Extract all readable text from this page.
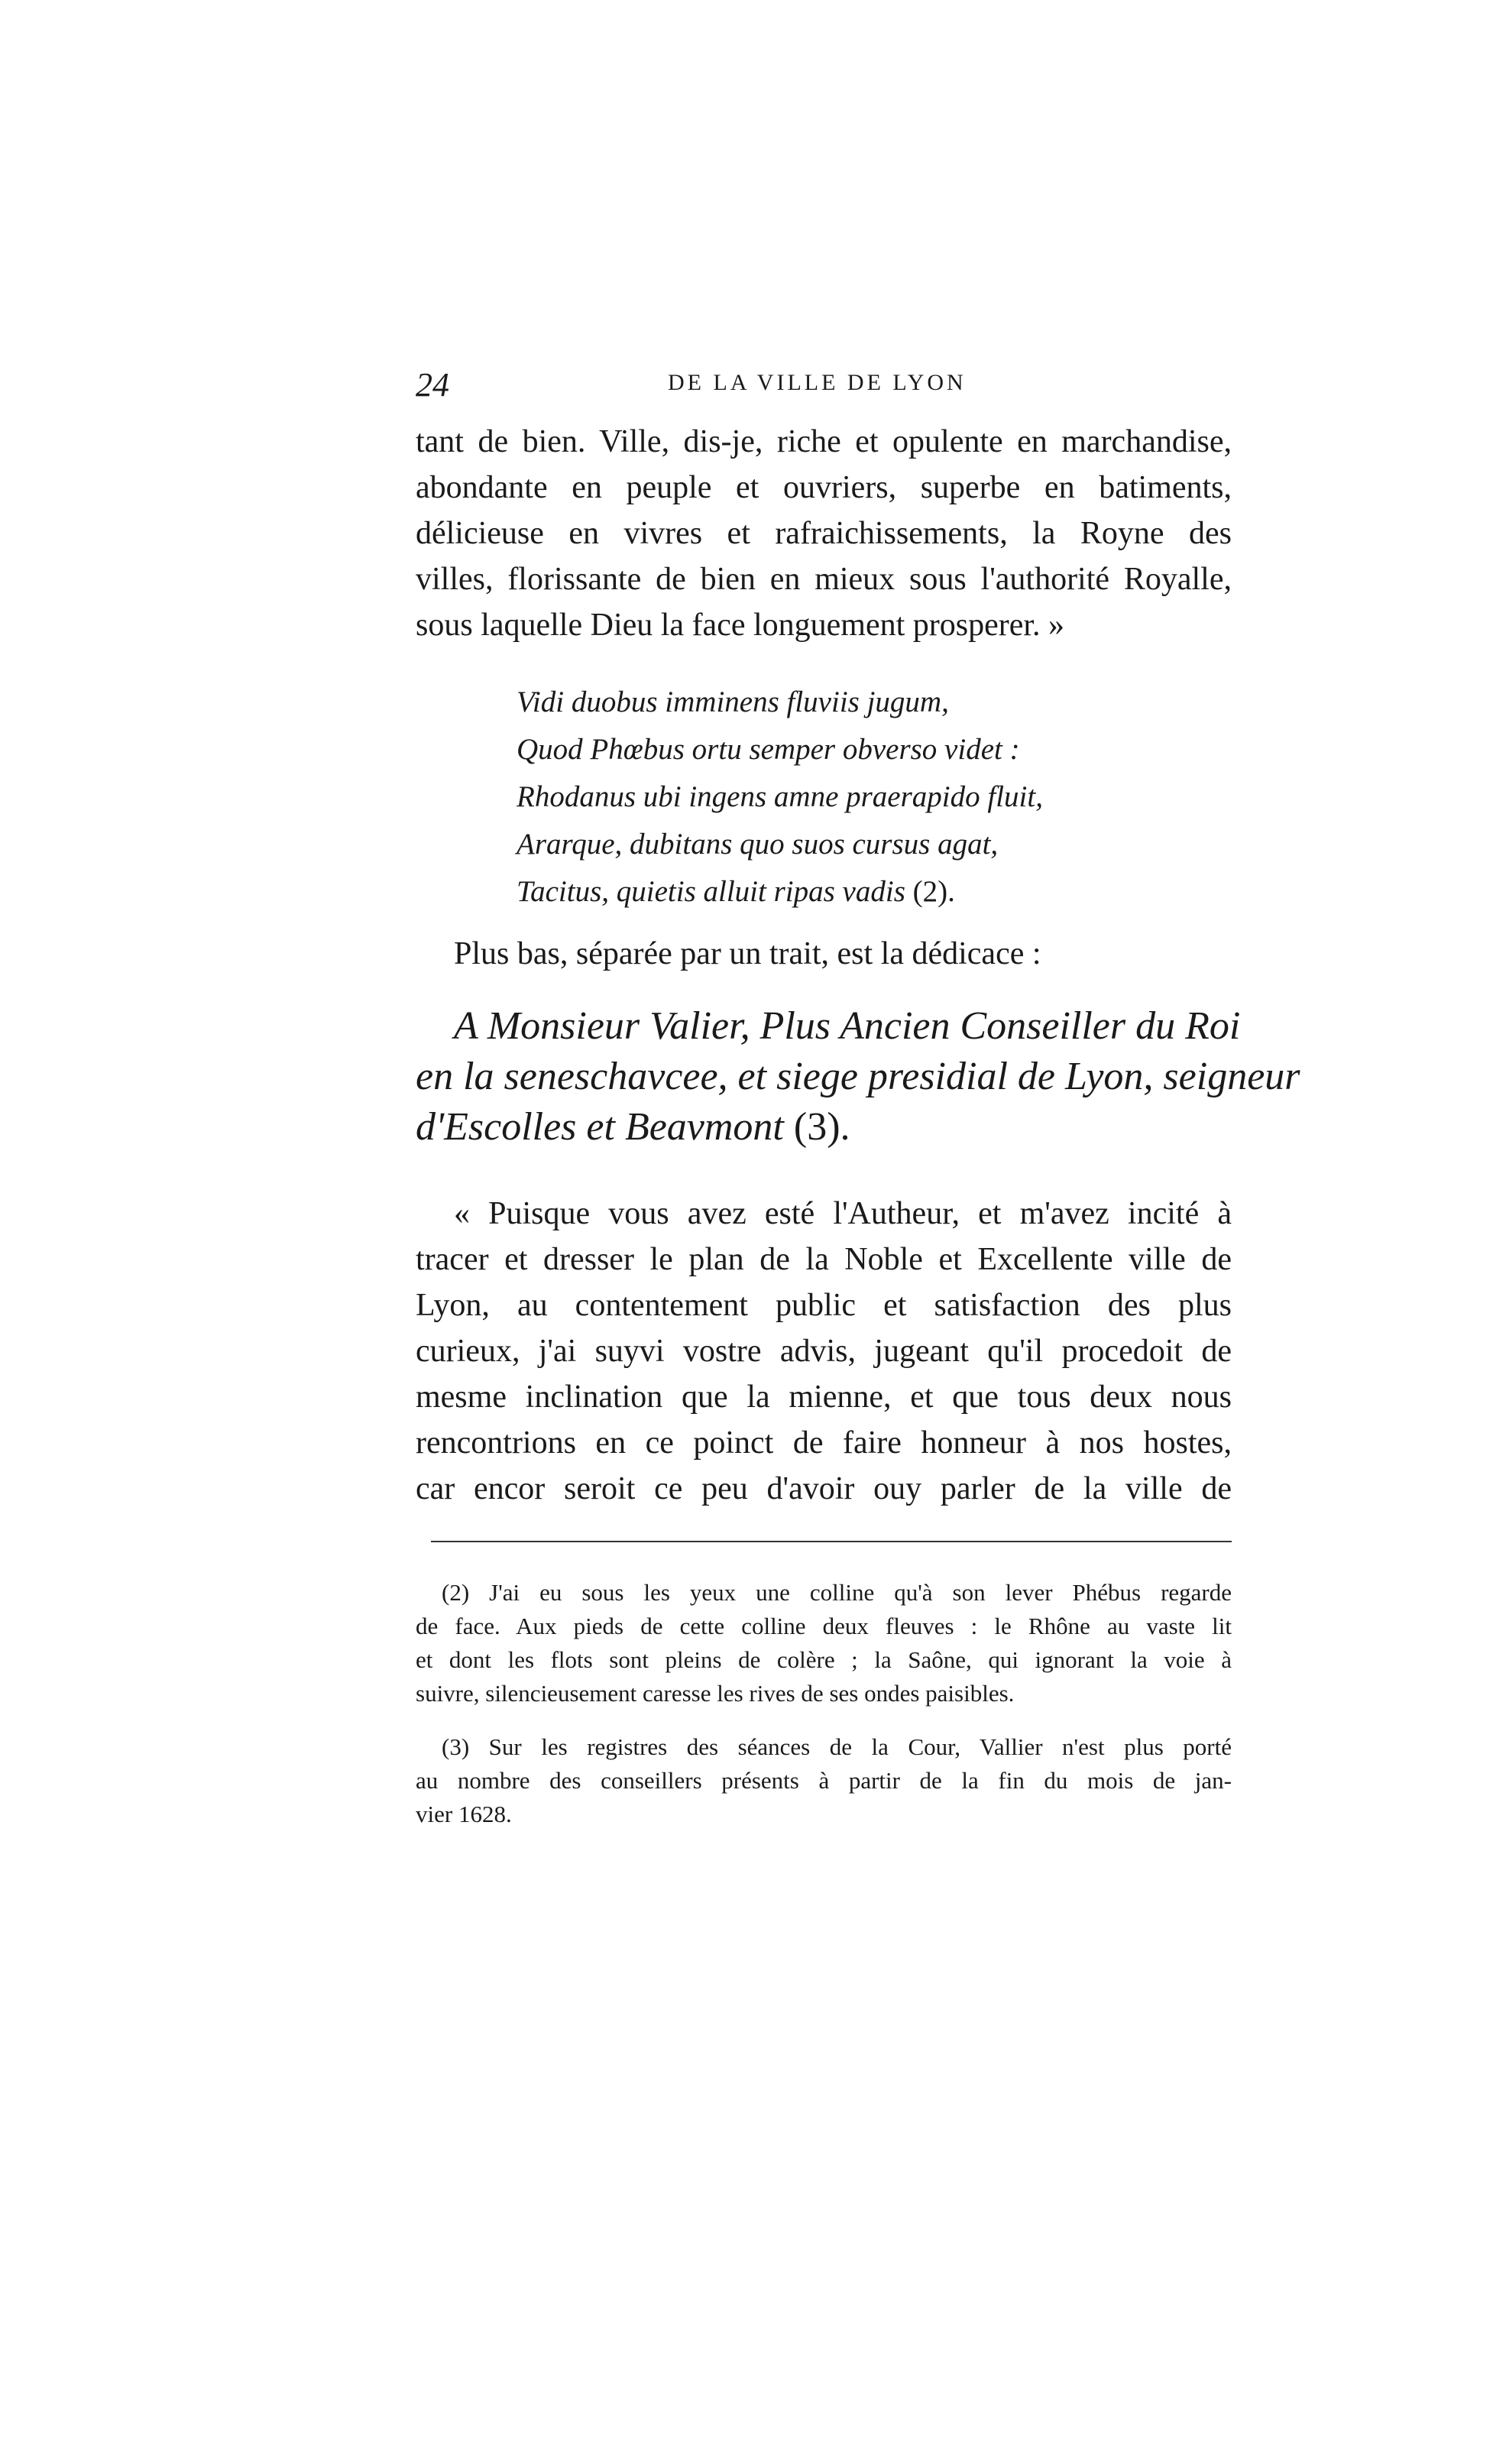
24	DE LA VILLE DE LYON
tant de bien. Ville, dis-je, riche et opulente en marchandise,
abondante en peuple et ouvriers, superbe en batiments,
délicieuse en vivres et rafraichissements, la Royne des
villes, florissante de bien en mieux sous l'authorité Royalle,
sous laquelle Dieu la face longuement prosperer. »
Vidi duobus imminens fluviis jugum,
Quod Phœbus ortu semper obverso videt :
Rhodanus ubi ingens amne praerapido fluit,
Ararque, dubitans quo suos cursus agat,
Tacitus, quietis alluit ripas vadis (2).
Plus bas, séparée par un trait, est la dédicace :
A Monsieur Valier, Plus Ancien Conseiller du Roi
en la seneschavcee, et siege presidial de Lyon, seigneur
d'Escolles et Beavmont (3).
« Puisque vous avez esté l'Autheur, et m'avez incité à
tracer et dresser le plan de la Noble et Excellente ville de
Lyon, au contentement public et satisfaction des plus
curieux, j'ai suyvi vostre advis, jugeant qu'il procedoit de
mesme inclination que la mienne, et que tous deux nous
rencontrions en ce poinct de faire honneur à nos hostes,
car encor seroit ce peu d'avoir ouy parler de la ville de
(2) J'ai eu sous les yeux une colline qu'à son lever Phébus regarde
de face. Aux pieds de cette colline deux fleuves : le Rhône au vaste lit
et dont les flots sont pleins de colère ; la Saône, qui ignorant la voie à
suivre, silencieusement caresse les rives de ses ondes paisibles.
(3) Sur les registres des séances de la Cour, Vallier n'est plus porté
au nombre des conseillers présents à partir de la fin du mois de jan-
vier 1628.
